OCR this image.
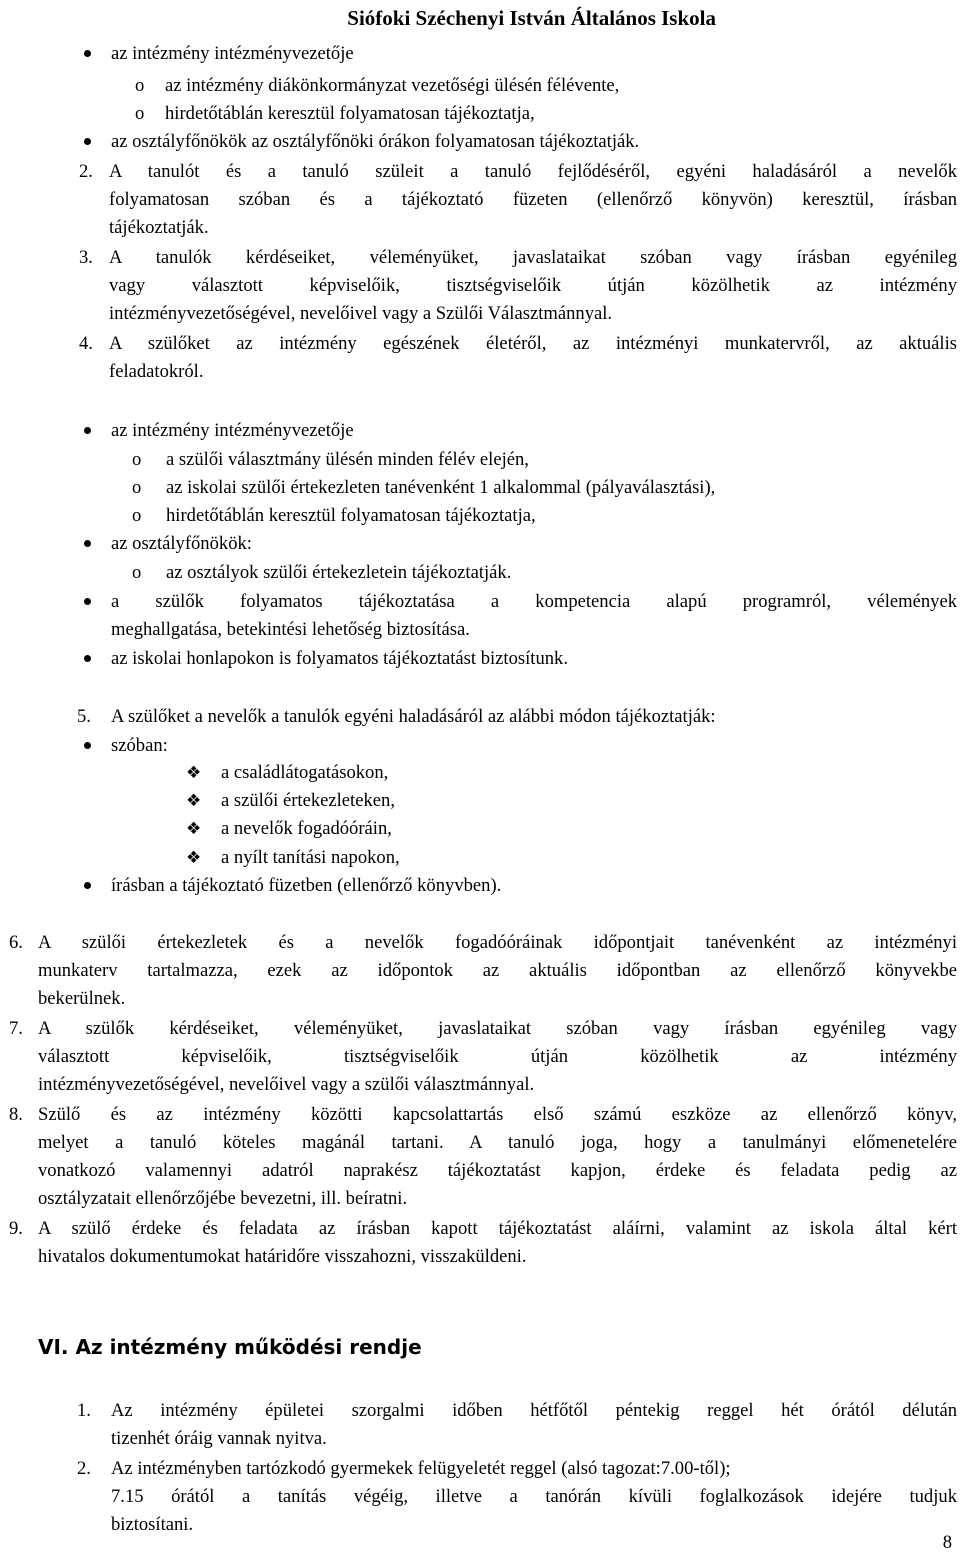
Siófoki Széchenyi István Általános Iskola
az intézmény intézményvezetője
o az intézmény diákönkormányzat vezetőségi ülésén félévente,
o hirdetőtáblán keresztül folyamatosan tájékoztatja,
az osztályfőnökök az osztályfőnöki órákon folyamatosan tájékoztatják.
2. A tanulót és a tanuló szüleit a tanuló fejlődéséről, egyéni haladásáról a nevelők
folyamatosan szóban és a tájékoztató füzeten (ellenőrző könyvön) keresztül, írásban
tájékoztatják.
3. A tanulók kérdéseiket, véleményüket, javaslataikat szóban vagy írásban egyénileg
vagy választott képviselőik, tisztségviselőik útján közölhetik az intézmény
intézményvezetőségével, nevelőivel vagy a Szülői Választmánnyal.
4. A szülőket az intézmény egészének életéről, az intézményi munkatervről, az aktuális
feladatokról.
az intézmény intézményvezetője
o a szülői választmány ülésén minden félév elején,
o az iskolai szülői értekezleten tanévenként 1 alkalommal (pályaválasztási),
o hirdetőtáblán keresztül folyamatosan tájékoztatja,
az osztályfőnökök:
o az osztályok szülői értekezletein tájékoztatják.
a szülők folyamatos tájékoztatása a kompetencia alapú programról, vélemények
meghallgatása, betekintési lehetőség biztosítása.
az iskolai honlapokon is folyamatos tájékoztatást biztosítunk.
5. A szülőket a nevelők a tanulók egyéni haladásáról az alábbi módon tájékoztatják:
szóban:
❖ a családlátogatásokon,
❖ a szülői értekezleteken,
❖ a nevelők fogadóóráin,
❖ a nyílt tanítási napokon,
írásban a tájékoztató füzetben (ellenőrző könyvben).
6. A szülői értekezletek és a nevelők fogadóóráinak időpontjait tanévenként az intézményi
munkaterv tartalmazza, ezek az időpontok az aktuális időpontban az ellenőrző könyvekbe
bekerülnek.
7. A szülők kérdéseiket, véleményüket, javaslataikat szóban vagy írásban egyénileg vagy
választott képviselőik, tisztségviselőik útján közölhetik az intézmény
intézményvezetőségével, nevelőivel vagy a szülői választmánnyal.
8. Szülő és az intézmény közötti kapcsolattartás első számú eszköze az ellenőrző könyv,
melyet a tanuló köteles magánál tartani. A tanuló joga, hogy a tanulmányi előmenetelére
vonatkozó valamennyi adatról naprakész tájékoztatást kapjon, érdeke és feladata pedig az
osztályzatait ellenőrzőjébe bevezetni, ill. beíratni.
9. A szülő érdeke és feladata az írásban kapott tájékoztatást aláírni, valamint az iskola által kért
hivatalos dokumentumokat határidőre visszahozni, visszaküldeni.
VI. Az intézmény működési rendje
1. Az intézmény épületei szorgalmi időben hétfőtől péntekig reggel hét órától délután
tizenhét óráig vannak nyitva.
2. Az intézményben tartózkodó gyermekek felügyeletét reggel (alsó tagozat:7.00-től);
7.15 órától a tanítás végéig, illetve a tanórán kívüli foglalkozások idejére tudjuk
biztosítani.
8
